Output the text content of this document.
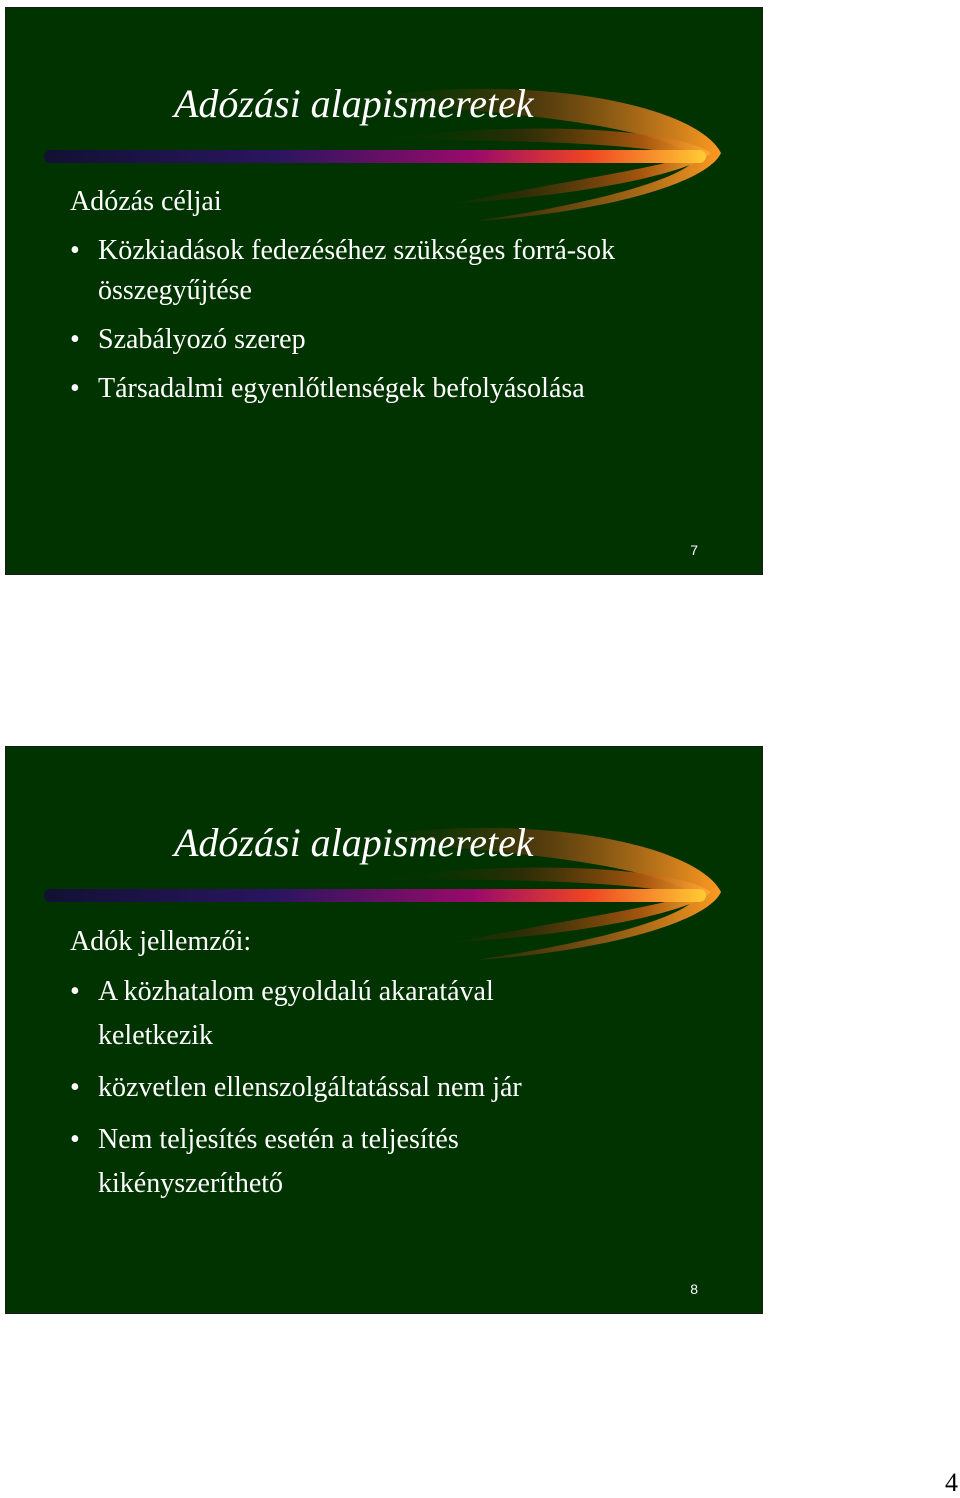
Adózási alapismeretek

Adózás céljai

• Közkiadások fedezéséhez szükséges forrá-sok összegyűjtése
• Szabályozó szerep
• Társadalmi egyenlőtlenségek befolyásolása
7
Adózási alapismeretek

Adók jellemzői:

• A közhatalom egyoldalú akaratával keletkezik
• közvetlen ellenszolgáltatással nem jár
• Nem teljesítés esetén a teljesítés kikényszeríthető
8
4
